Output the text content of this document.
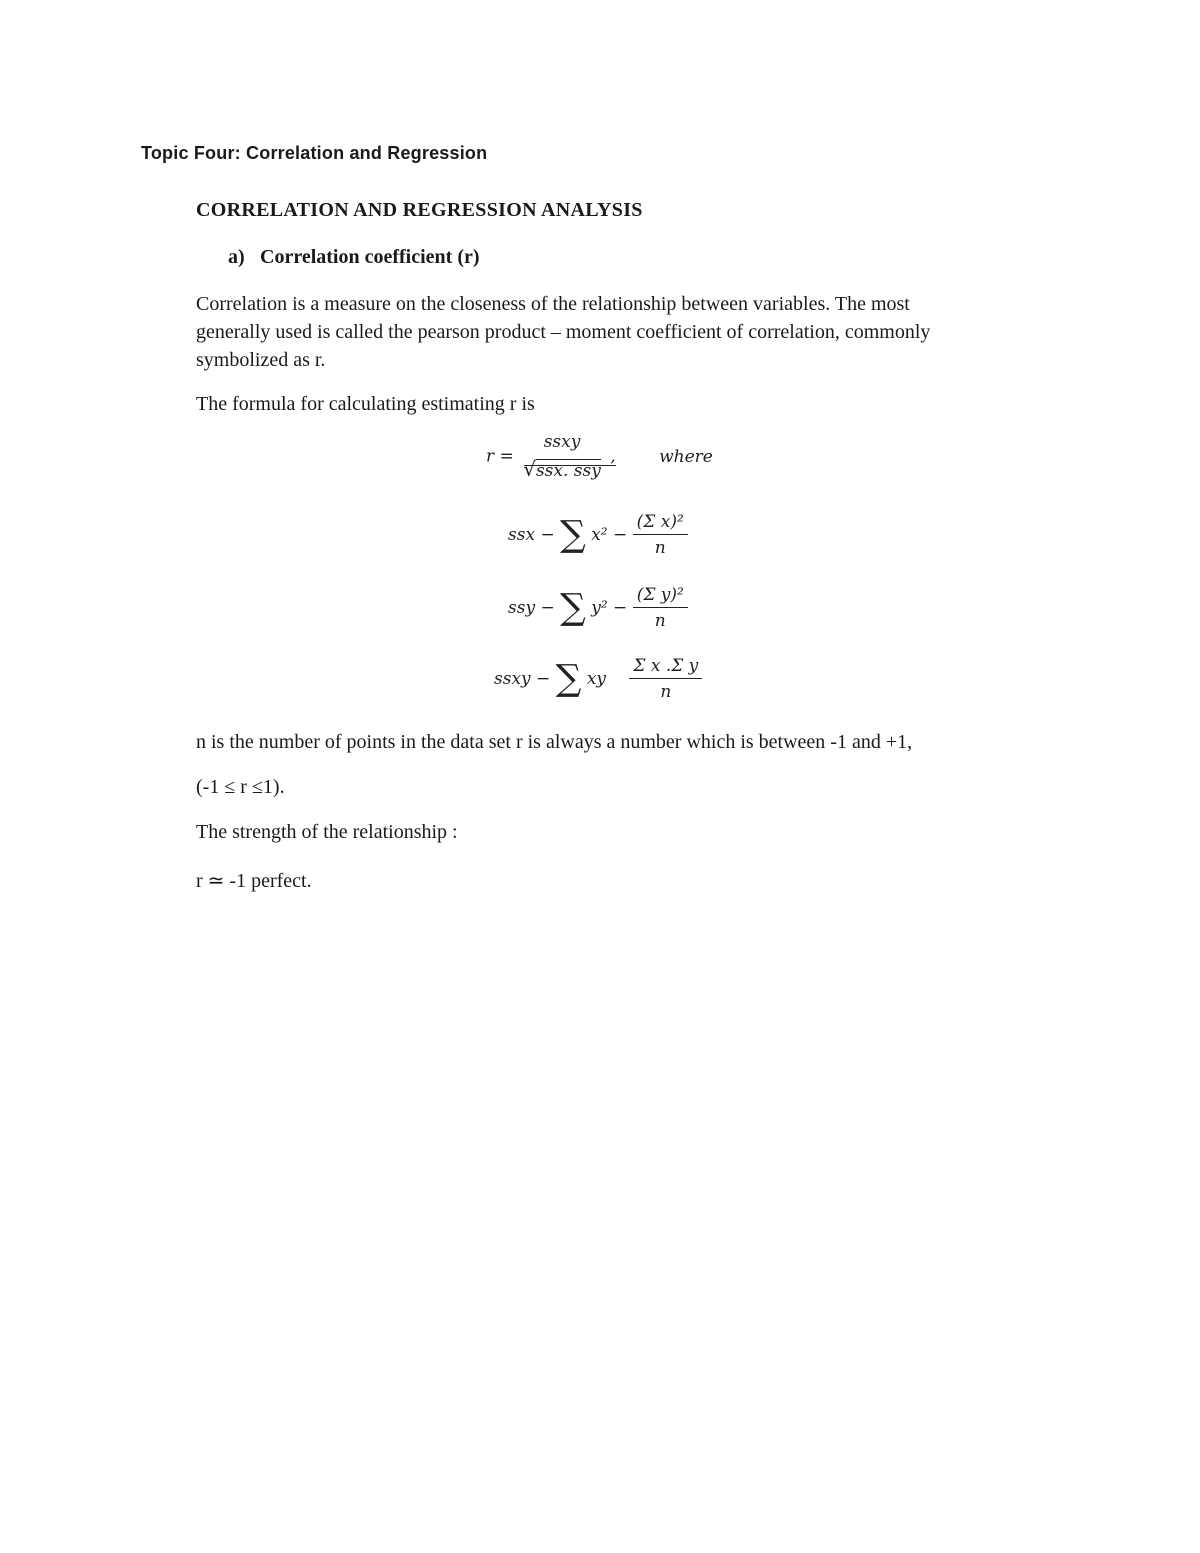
Topic Four: Correlation and Regression
CORRELATION AND REGRESSION ANALYSIS
a) Correlation coefficient (r)
Correlation is a measure on the closeness of the relationship between variables. The most
generally used is called the pearson product – moment coefficient of correlation, commonly
symbolized as r.
The formula for calculating estimating r is
r =
ssxy
√ssx. ssy
,	where
ssx − ∑ $x^2 - \frac{\text{(Σ x)²}}{n}$
ssy − ∑ $y^2 - \frac{\text{(Σ y)²}}{n}$
ssxy − ∑ xy $\frac{\text{Σ x .Σ y}}{n}$
n is the number of points in the data set r is always a number which is between -1 and +1,
(-1 ≤ r ≤1).
The strength of the relationship :
r ≃ -1 perfect.
